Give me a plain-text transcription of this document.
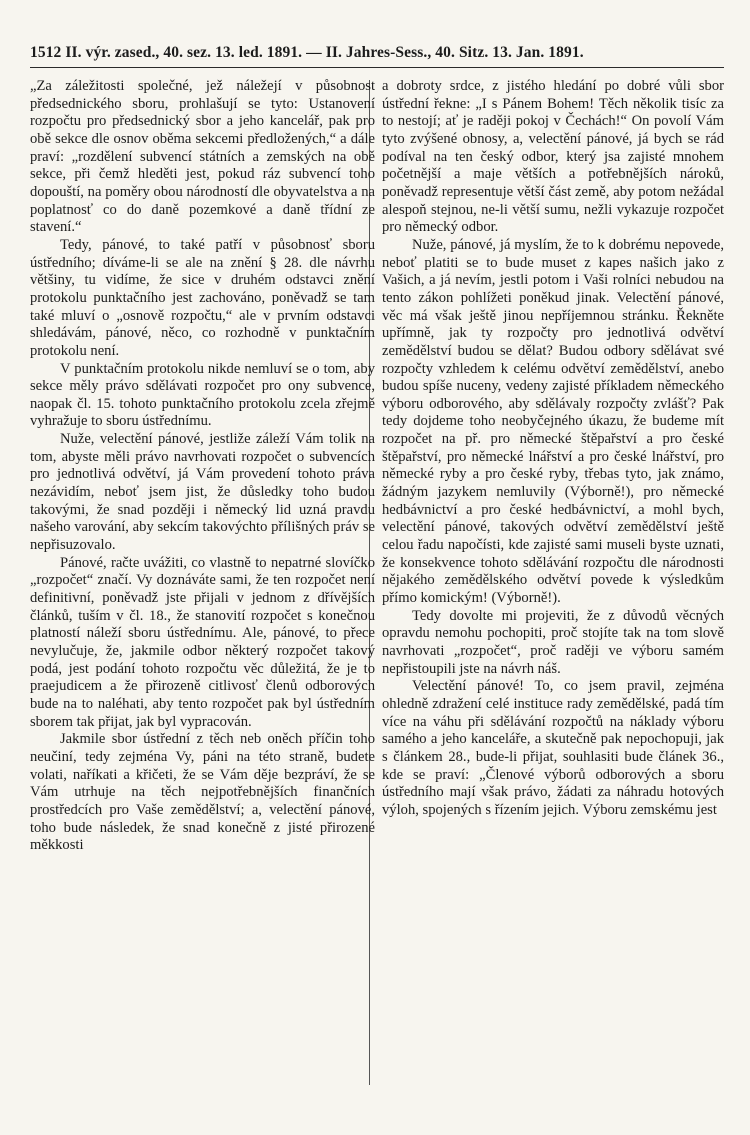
1512 II. výr. zased., 40. sez. 13. led. 1891. — II. Jahres-Sess., 40. Sitz. 13. Jan. 1891.

„Za záležitosti společné, jež náležejí v působnost předsednického sboru, prohlašují se tyto: Ustanovení rozpočtu pro předsednický sbor a jeho kancelář, pak pro obě sekce dle osnov oběma sekcemi předložených,“ a dále praví: „rozdělení subvencí státních a zemských na obě sekce, při čemž hleděti jest, pokud ráz subvencí toho dopouští, na poměry obou národností dle obyvatelstva a na poplatnosť co do daně pozemkové a daně třídní ze stavení.“

Tedy, pánové, to také patří v působnosť sboru ústředního; díváme-li se ale na znění § 28. dle návrhu většiny, tu vidíme, že sice v druhém odstavci znění protokolu punktačního jest zachováno, poněvadž se tam také mluví o „osnově rozpočtu,“ ale v prvním odstavci shledávám, pánové, něco, co rozhodně v punktačním protokolu není.

V punktačním protokolu nikde nemluví se o tom, aby sekce měly právo sdělávati rozpočet pro ony subvence, naopak čl. 15. tohoto punktačního protokolu zcela zřejmě vyhražuje to sboru ústřednímu.

Nuže, velectění pánové, jestliže záleží Vám tolik na tom, abyste měli právo navrhovati rozpočet o subvencích pro jednotlivá odvětví, já Vám provedení tohoto práva nezávidím, neboť jsem jist, že důsledky toho budou takovými, že snad později i německý lid uzná pravdu našeho varování, aby sekcím takovýchto přílišných práv se nepřisuzovalo.

Pánové, račte uvážiti, co vlastně to nepatrné slovíčko „rozpočet“ značí. Vy doznáváte sami, že ten rozpočet není definitivní, poněvadž jste přijali v jednom z dřívějších článků, tuším v čl. 18., že stanovití rozpočet s konečnou platností náleží sboru ústřednímu. Ale, pánové, to přece nevylučuje, že, jakmile odbor některý rozpočet takový podá, jest podání tohoto rozpočtu věc důležitá, že je to praejudicem a že přirozeně citlivosť členů odborových bude na to naléhati, aby tento rozpočet pak byl ústředním sborem tak přijat, jak byl vypracován.

Jakmile sbor ústřední z těch neb oněch příčin toho neučiní, tedy zejména Vy, páni na této straně, budete volati, naříkati a křičeti, že se Vám děje bezpráví, že se Vám utrhuje na těch nejpotřebnějších finančních prostředcích pro Vaše zemědělství; a, velectění pánové, toho bude následek, že snad konečně z jisté přirozené měkkosti

a dobroty srdce, z jistého hledání po dobré vůli sbor ústřední řekne: „I s Pánem Bohem! Těch několik tisíc za to nestojí; ať je raději pokoj v Čechách!“ On povolí Vám tyto zvýšené obnosy, a, velectění pánové, já bych se rád podíval na ten český odbor, který jsa zajisté mnohem početnější a maje větších a potřebnějších nároků, poněvadž representuje větší část země, aby potom nežádal alespoň stejnou, ne-li větší sumu, nežli vykazuje rozpočet pro německý odbor.

Nuže, pánové, já myslím, že to k dobrému nepovede, neboť platiti se to bude muset z kapes našich jako z Vašich, a já nevím, jestli potom i Vaši rolníci nebudou na tento zákon pohlížeti poněkud jinak. Velectění pánové, věc má však ještě jinou nepříjemnou stránku. Řekněte upřímně, jak ty rozpočty pro jednotlivá odvětví zemědělství budou se dělat? Budou odbory sdělávat své rozpočty vzhledem k celému odvětví zemědělství, anebo budou spíše nuceny, vedeny zajisté příkladem německého výboru odborového, aby sdělávaly rozpočty zvlášť? Pak tedy dojdeme toho neobyčejného úkazu, že budeme mít rozpočet na př. pro německé štěpařství a pro české štěpařství, pro německé lnářství a pro české lnářství, pro německé ryby a pro české ryby, třebas tyto, jak známo, žádným jazykem nemluvily (Výborně!), pro německé hedbávnictví a pro české hedbávnictví, a mohl bych, velectění pánové, takových odvětví zemědělství ještě celou řadu napočísti, kde zajisté sami museli byste uznati, že konsekvence tohoto sdělávání rozpočtu dle národnosti nějakého zemědělského odvětví povede k výsledkům přímo komickým! (Výborně!).

Tedy dovolte mi projeviti, že z důvodů věcných opravdu nemohu pochopiti, proč stojíte tak na tom slově navrhovati „rozpočet“, proč raději ve výboru samém nepřistoupili jste na návrh náš.

Velectění pánové! To, co jsem pravil, zejména ohledně zdražení celé instituce rady zemědělské, padá tím více na váhu při sdělávání rozpočtů na náklady výboru samého a jeho kanceláře, a skutečně pak nepochopuji, jak s článkem 28., bude-li přijat, souhlasiti bude článek 36., kde se praví: „Členové výborů odborových a sboru ústředního mají však právo, žádati za náhradu hotových výloh, spojených s řízením jejich. Výboru zemskému jest
